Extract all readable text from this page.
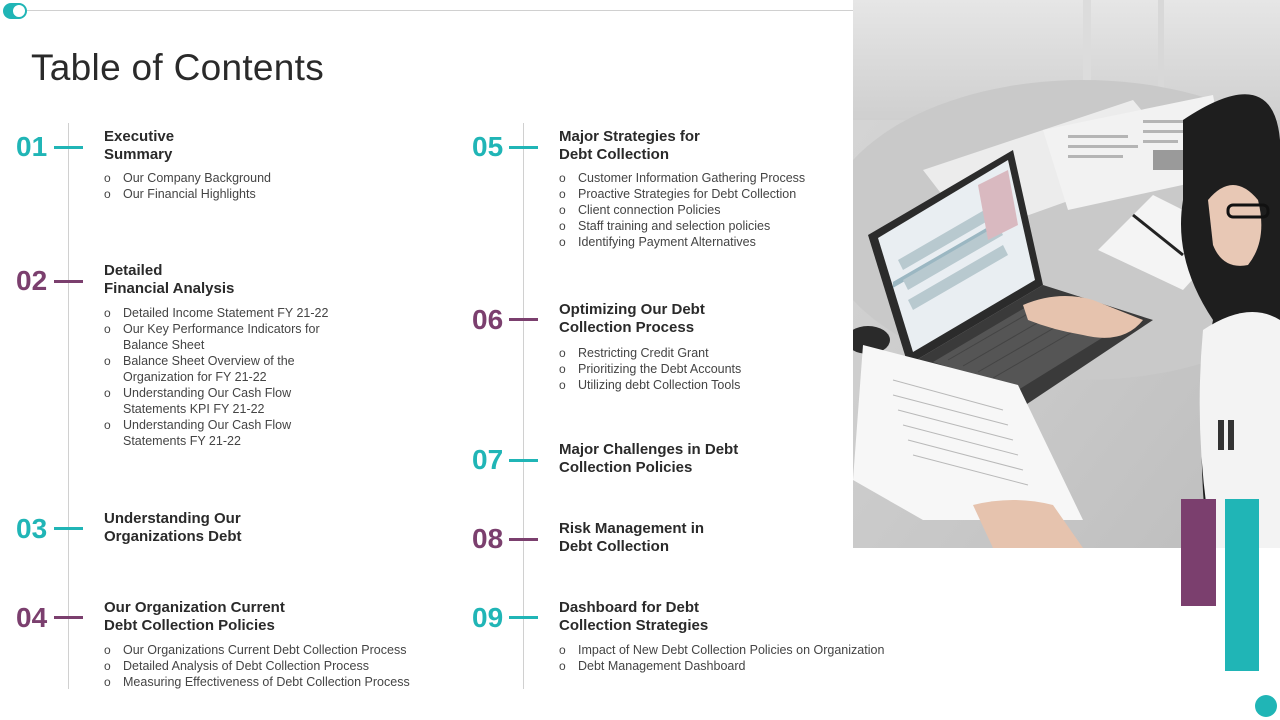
Table of Contents
01	Executive
Summary
o Our Company Background
o Our Financial Highlights
02	Detailed
Financial Analysis
o Detailed Income Statement FY 21-22
o Our Key Performance Indicators for
Balance Sheet
o Balance Sheet Overview of the
Organization for FY 21-22
o Understanding Our Cash Flow
Statements KPI FY 21-22
o Understanding Our Cash Flow
Statements FY 21-22
03	Understanding Our
Organizations Debt
04	Our Organization Current
Debt Collection Policies
o Our Organizations Current Debt Collection Process
o Detailed Analysis of Debt Collection Process
o Measuring Effectiveness of Debt Collection Process
05	Major Strategies for
Debt Collection
o Customer Information Gathering Process
o Proactive Strategies for Debt Collection
o Client connection Policies
o Staff training and selection policies
o Identifying Payment Alternatives
06	Optimizing Our Debt
Collection Process
o Restricting Credit Grant
o Prioritizing the Debt Accounts
o Utilizing debt Collection Tools
07	Major Challenges in Debt
Collection Policies
08	Risk Management in
Debt Collection
09	Dashboard for Debt
Collection Strategies
o Impact of New Debt Collection Policies on Organization
o Debt Management Dashboard
